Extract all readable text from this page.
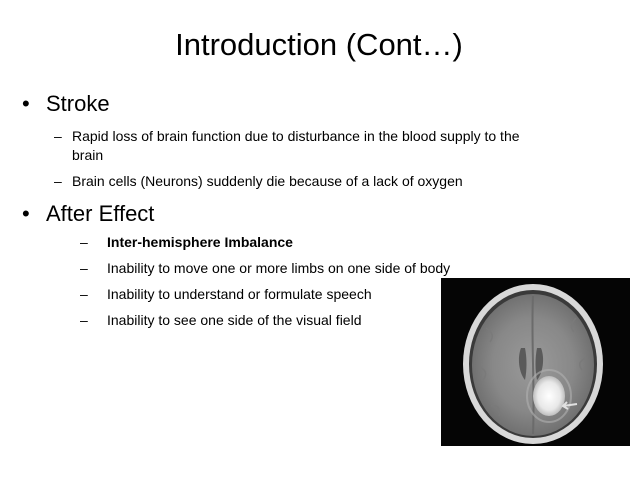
Introduction (Cont…)
• Stroke
– Rapid loss of brain function due to disturbance in the blood supply to the
brain
– Brain cells (Neurons) suddenly die because of a lack of oxygen
• After Effect
– Inter-hemisphere Imbalance
– Inability to move one or more limbs on one side of body
– Inability to understand or formulate speech
– Inability to see one side of the visual field
